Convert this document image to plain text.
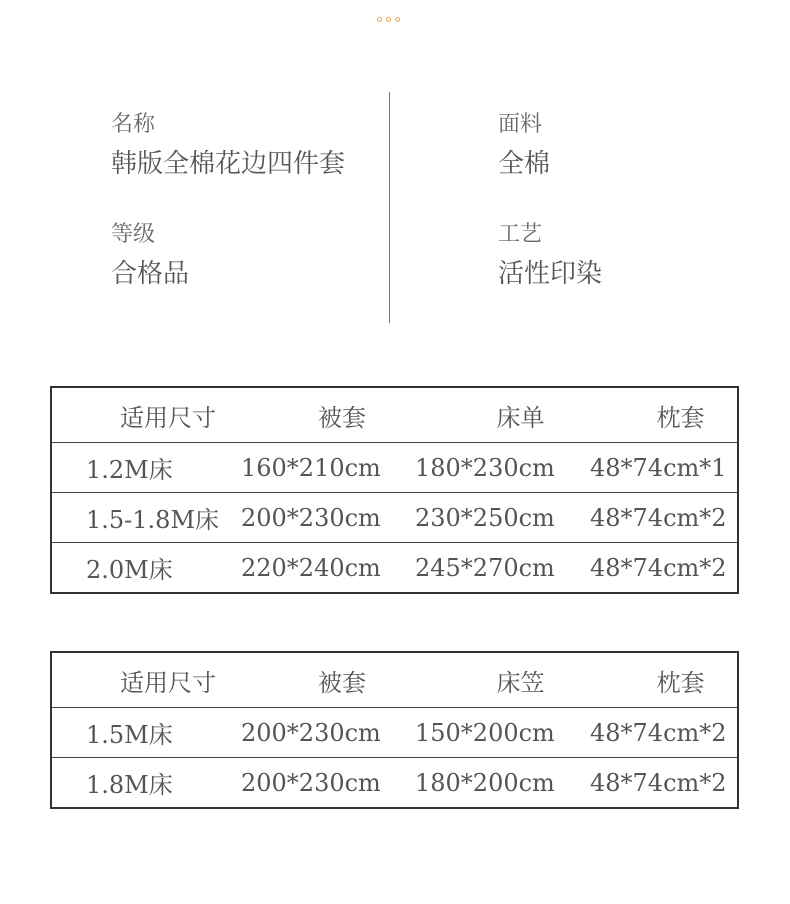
名称
韩版全棉花边四件套
面料
全棉
等级
合格品
工艺
活性印染
适用尺寸	被套	床单	枕套
1.2M床	160*210cm	180*230cm	48*74cm*1
1.5-1.8M床	200*230cm	230*250cm	48*74cm*2
2.0M床	220*240cm	245*270cm	48*74cm*2
适用尺寸	被套	床笠	枕套
1.5M床	200*230cm	150*200cm	48*74cm*2
1.8M床	200*230cm	180*200cm	48*74cm*2
